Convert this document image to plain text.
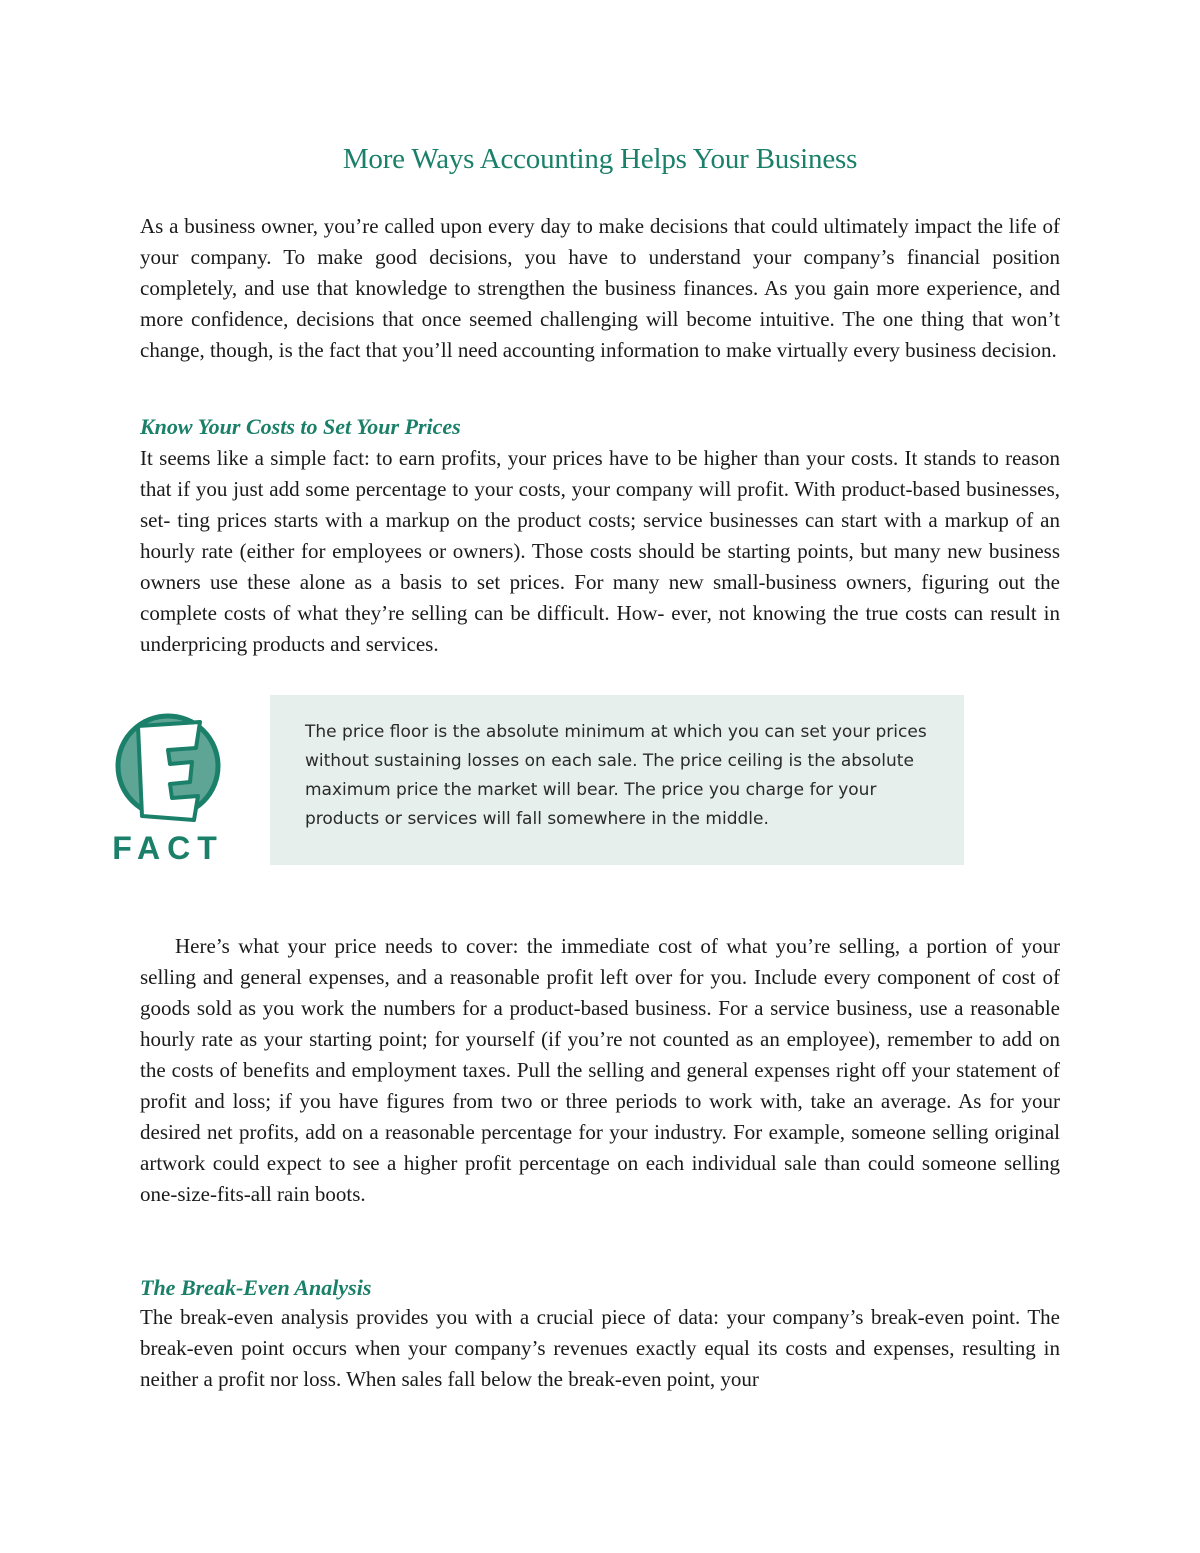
More Ways Accounting Helps Your Business

As a business owner, you’re called upon every day to make decisions that could ultimately impact the life of your company. To make good decisions, you have to understand your company’s financial position completely, and use that knowledge to strengthen the business finances. As you gain more experience, and more confidence, decisions that once seemed challenging will become intuitive. The one thing that won’t change, though, is the fact that you’ll need accounting information to make virtually every business decision.

Know Your Costs to Set Your Prices

It seems like a simple fact: to earn profits, your prices have to be higher than your costs. It stands to reason that if you just add some percentage to your costs, your company will profit. With product-based businesses, set- ting prices starts with a markup on the product costs; service businesses can start with a markup of an hourly rate (either for employees or owners). Those costs should be starting points, but many new business owners use these alone as a basis to set prices. For many new small-business owners, figuring out the complete costs of what they’re selling can be difficult. How- ever, not knowing the true costs can result in underpricing products and services.

E
FACT

The price floor is the absolute minimum at which you can set your prices without sustaining losses on each sale. The price ceiling is the absolute maximum price the market will bear. The price you charge for your products or services will fall somewhere in the middle.

Here’s what your price needs to cover: the immediate cost of what you’re selling, a portion of your selling and general expenses, and a reasonable profit left over for you. Include every component of cost of goods sold as you work the numbers for a product-based business. For a service business, use a reasonable hourly rate as your starting point; for yourself (if you’re not counted as an employee), remember to add on the costs of benefits and employment taxes. Pull the selling and general expenses right off your statement of profit and loss; if you have figures from two or three periods to work with, take an average. As for your desired net profits, add on a reasonable percentage for your industry. For example, someone selling original artwork could expect to see a higher profit percentage on each individual sale than could someone selling one-size-fits-all rain boots.

The Break-Even Analysis

The break-even analysis provides you with a crucial piece of data: your company’s break-even point. The break-even point occurs when your company’s revenues exactly equal its costs and expenses, resulting in neither a profit nor loss. When sales fall below the break-even point, your
